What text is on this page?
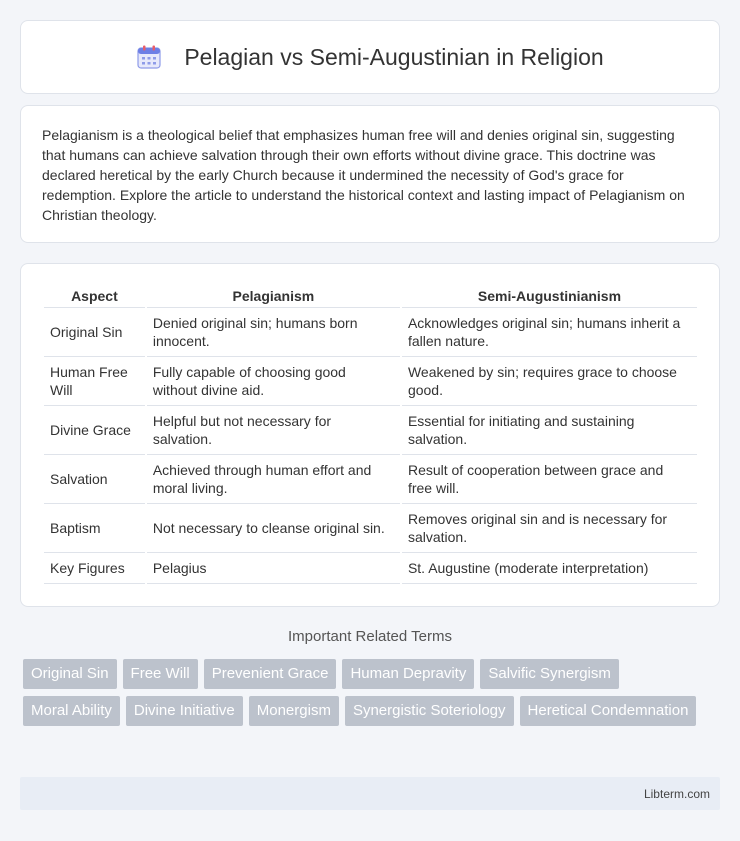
Pelagian vs Semi-Augustinian in Religion

Pelagianism is a theological belief that emphasizes human free will and denies original sin, suggesting that humans can achieve salvation through their own efforts without divine grace. This doctrine was declared heretical by the early Church because it undermined the necessity of God's grace for redemption. Explore the article to understand the historical context and lasting impact of Pelagianism on Christian theology.

Aspect	Pelagianism	Semi-Augustinianism
Original Sin	Denied original sin; humans born innocent.	Acknowledges original sin; humans inherit a fallen nature.
Human Free Will	Fully capable of choosing good without divine aid.	Weakened by sin; requires grace to choose good.
Divine Grace	Helpful but not necessary for salvation.	Essential for initiating and sustaining salvation.
Salvation	Achieved through human effort and moral living.	Result of cooperation between grace and free will.
Baptism	Not necessary to cleanse original sin.	Removes original sin and is necessary for salvation.
Key Figures	Pelagius	St. Augustine (moderate interpretation)
Important Related Terms
Original Sin	Free Will	Prevenient Grace	Human Depravity	Salvific Synergism
Moral Ability	Divine Initiative	Monergism	Synergistic Soteriology	Heretical Condemnation
Libterm.com
